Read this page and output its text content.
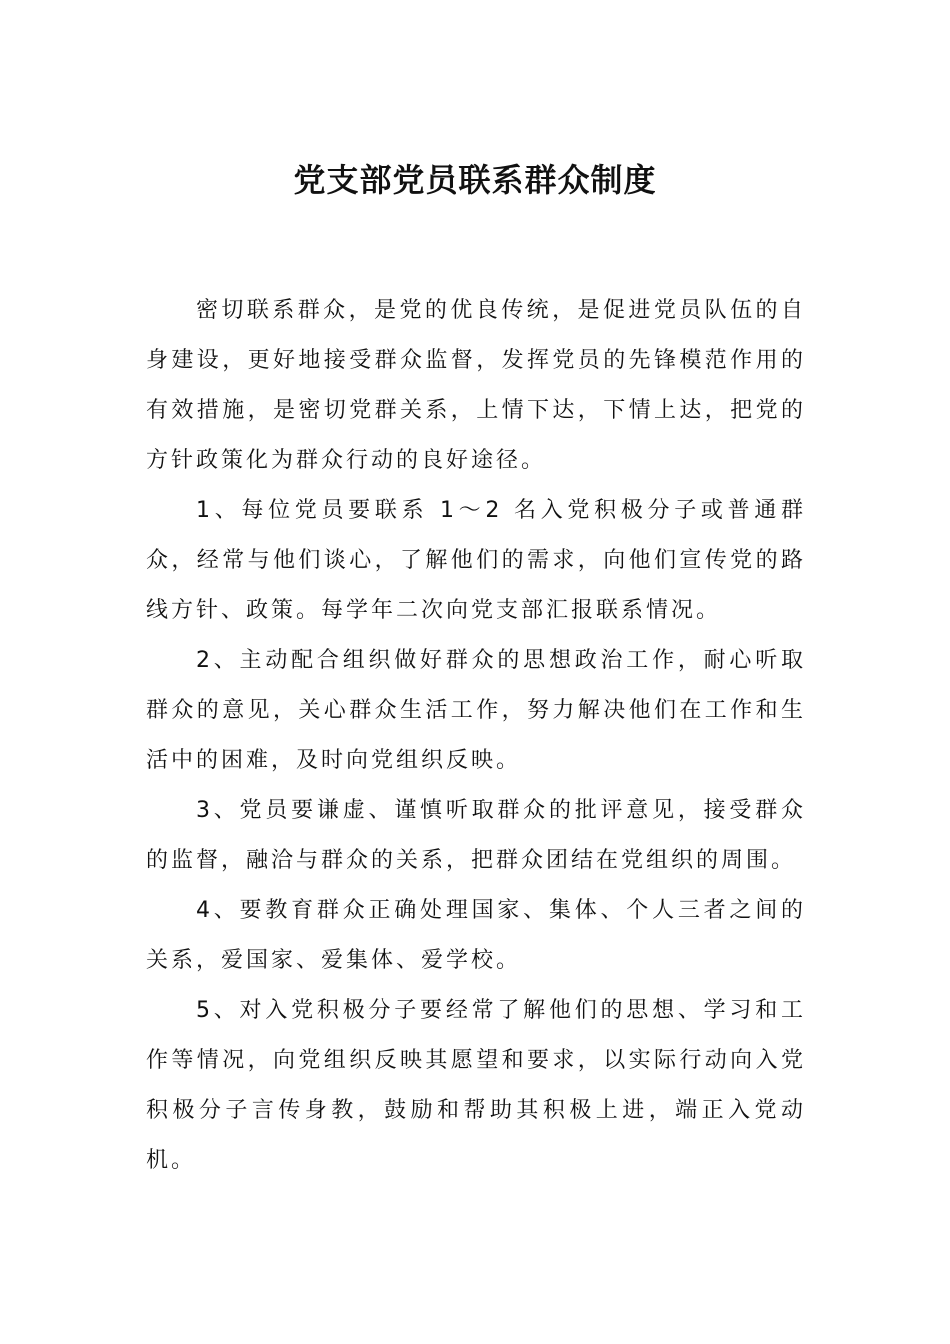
党支部党员联系群众制度

密切联系群众，是党的优良传统，是促进党员队伍的自身建设，更好地接受群众监督，发挥党员的先锋模范作用的有效措施，是密切党群关系，上情下达，下情上达，把党的方针政策化为群众行动的良好途径。

1、每位党员要联系 1～2 名入党积极分子或普通群众，经常与他们谈心，了解他们的需求，向他们宣传党的路线方针、政策。每学年二次向党支部汇报联系情况。

2、主动配合组织做好群众的思想政治工作，耐心听取群众的意见，关心群众生活工作，努力解决他们在工作和生活中的困难，及时向党组织反映。

3、党员要谦虚、谨慎听取群众的批评意见，接受群众的监督，融洽与群众的关系，把群众团结在党组织的周围。

4、要教育群众正确处理国家、集体、个人三者之间的关系，爱国家、爱集体、爱学校。

5、对入党积极分子要经常了解他们的思想、学习和工作等情况，向党组织反映其愿望和要求，以实际行动向入党积极分子言传身教，鼓励和帮助其积极上进，端正入党动机。
